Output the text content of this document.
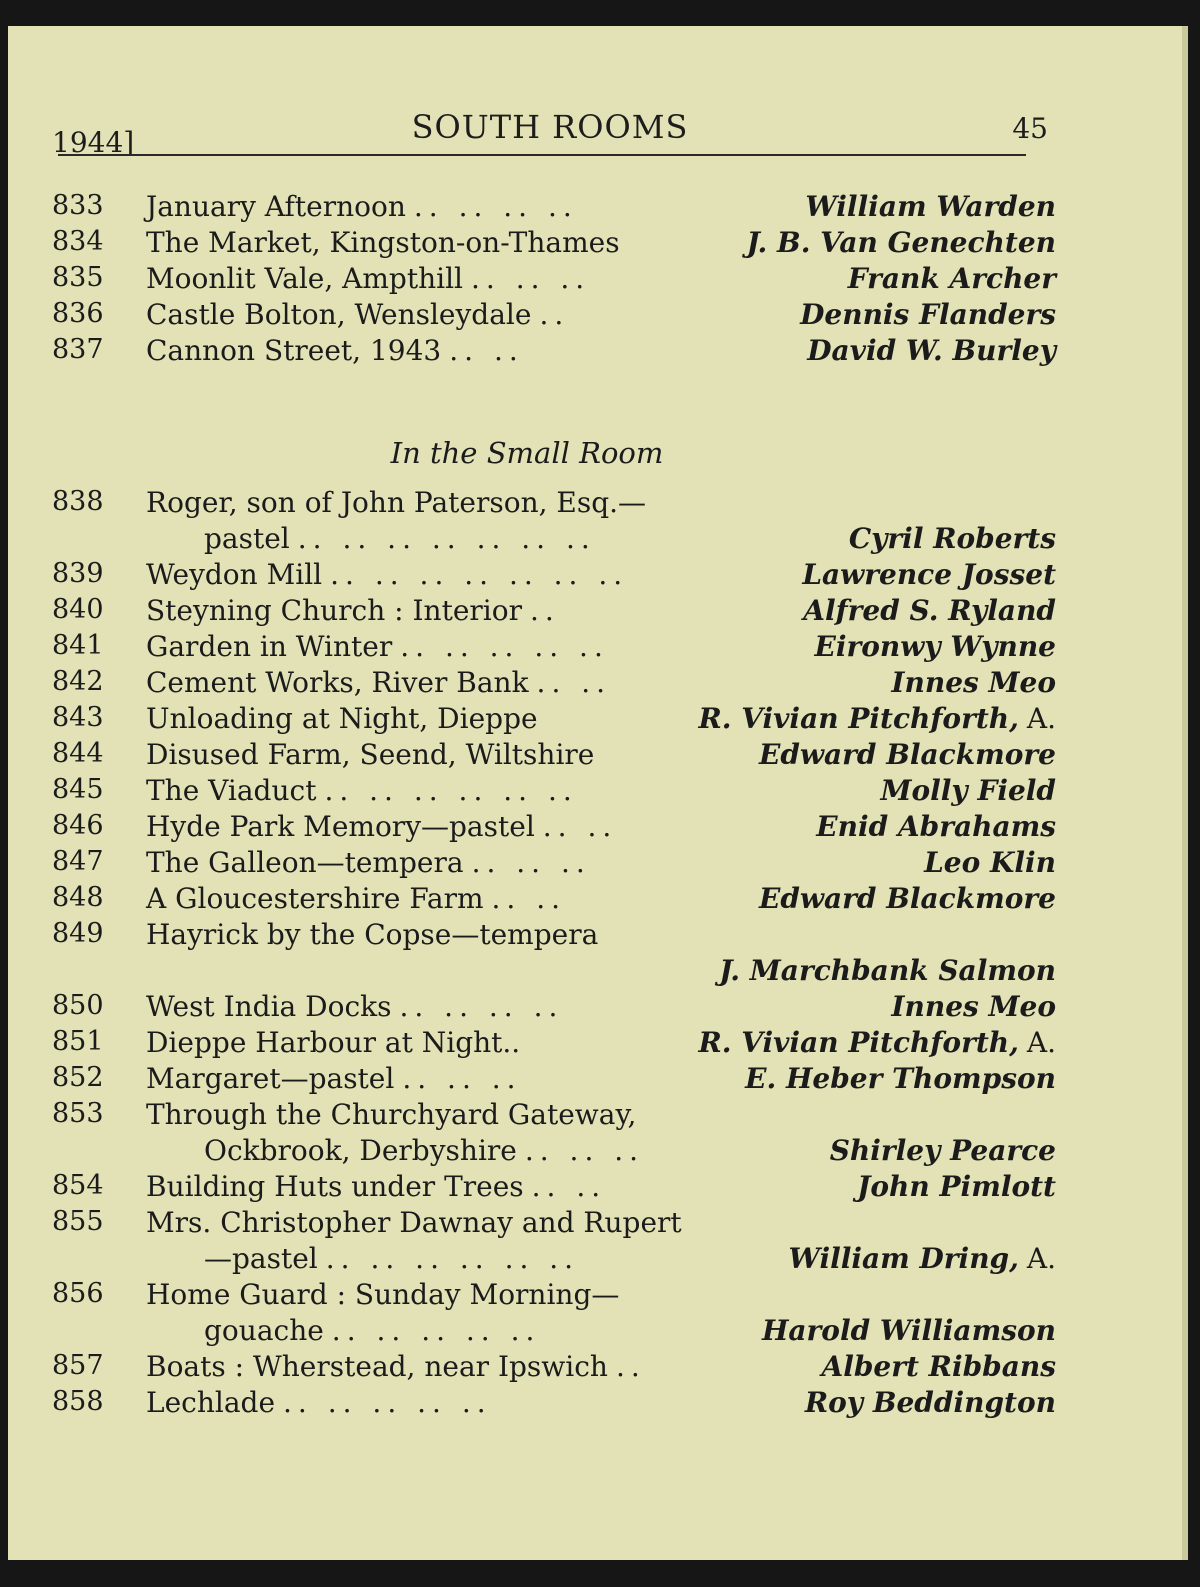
1944]	SOUTH ROOMS	45
833	January Afternoon .. .. .. ..	William Warden
834	The Market, Kingston-on-Thames	J. B. Van Genechten
835	Moonlit Vale, Ampthill .. .. ..	Frank Archer
836	Castle Bolton, Wensleydale ..	Dennis Flanders
837	Cannon Street, 1943 .. ..	David W. Burley
In the Small Room
838	Roger, son of John Paterson, Esq.—
pastel .. .. .. .. .. .. ..	Cyril Roberts
839	Weydon Mill .. .. .. .. .. .. ..	Lawrence Josset
840	Steyning Church : Interior ..	Alfred S. Ryland
841	Garden in Winter .. .. .. .. ..	Eironwy Wynne
842	Cement Works, River Bank .. ..	Innes Meo
843	Unloading at Night, Dieppe	R. Vivian Pitchforth, A.
844	Disused Farm, Seend, Wiltshire	Edward Blackmore
845	The Viaduct .. .. .. .. .. ..	Molly Field
846	Hyde Park Memory—pastel .. ..	Enid Abrahams
847	The Galleon—tempera .. .. ..	Leo Klin
848	A Gloucestershire Farm .. ..	Edward Blackmore
849	Hayrick by the Copse—tempera
J. Marchbank Salmon
850	West India Docks .. .. .. ..	Innes Meo
851	Dieppe Harbour at Night..	R. Vivian Pitchforth, A.
852	Margaret—pastel .. .. ..	E. Heber Thompson
853	Through the Churchyard Gateway,
Ockbrook, Derbyshire .. .. ..	Shirley Pearce
854	Building Huts under Trees .. ..	John Pimlott
855	Mrs. Christopher Dawnay and Rupert
—pastel .. .. .. .. .. ..	William Dring, A.
856	Home Guard : Sunday Morning—
gouache .. .. .. .. ..	Harold Williamson
857	Boats : Wherstead, near Ipswich ..	Albert Ribbans
858	Lechlade .. .. .. .. ..	Roy Beddington
